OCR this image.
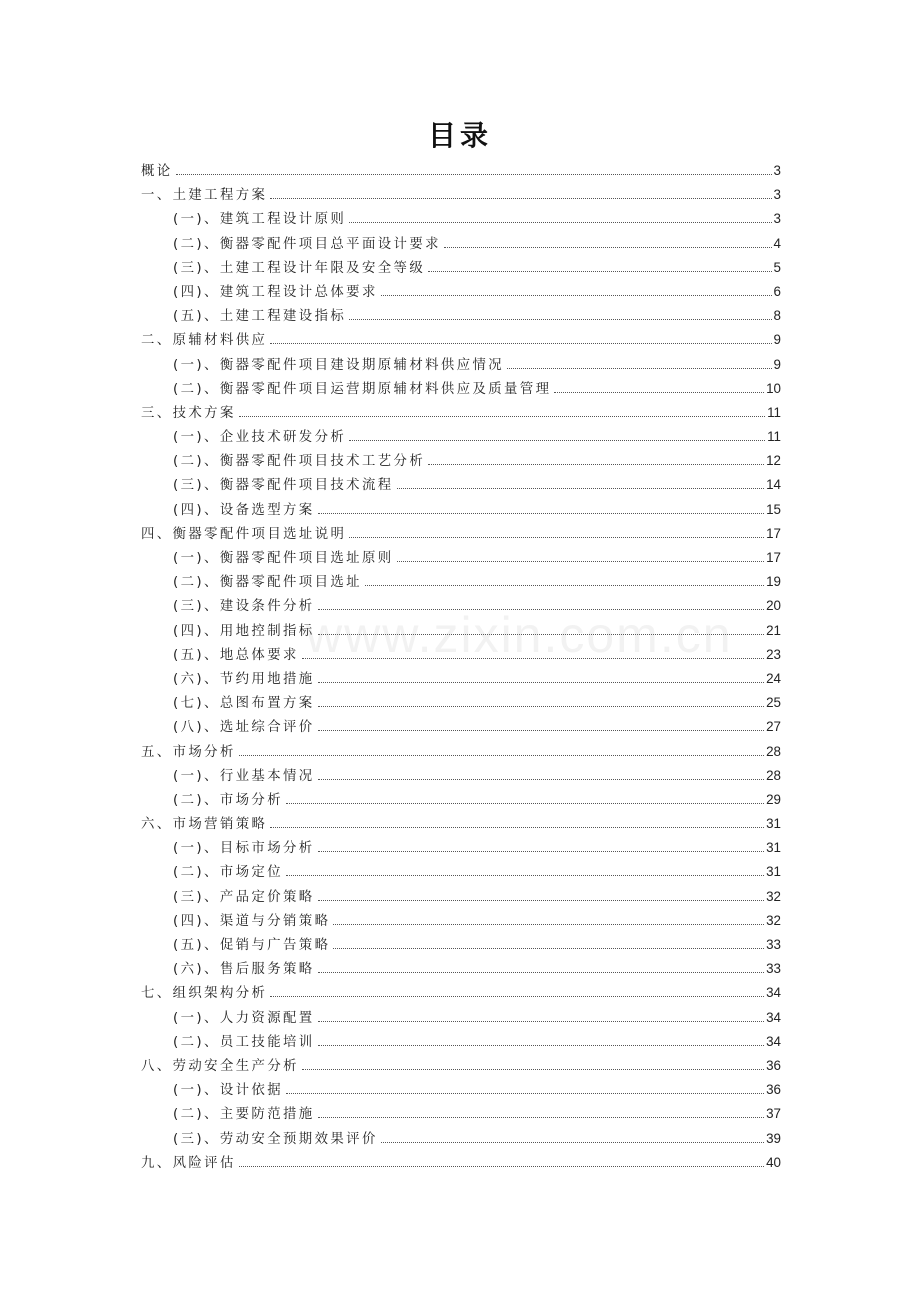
目录
概论	3
一、土建工程方案	3
(一)、建筑工程设计原则	3
(二)、衡器零配件项目总平面设计要求	4
(三)、土建工程设计年限及安全等级	5
(四)、建筑工程设计总体要求	6
(五)、土建工程建设指标	8
二、原辅材料供应	9
(一)、衡器零配件项目建设期原辅材料供应情况	9
(二)、衡器零配件项目运营期原辅材料供应及质量管理	10
三、技术方案	11
(一)、企业技术研发分析	11
(二)、衡器零配件项目技术工艺分析	12
(三)、衡器零配件项目技术流程	14
(四)、设备选型方案	15
四、衡器零配件项目选址说明	17
(一)、衡器零配件项目选址原则	17
(二)、衡器零配件项目选址	19
(三)、建设条件分析	20
(四)、用地控制指标	21
(五)、地总体要求	23
(六)、节约用地措施	24
(七)、总图布置方案	25
(八)、选址综合评价	27
五、市场分析	28
(一)、行业基本情况	28
(二)、市场分析	29
六、市场营销策略	31
(一)、目标市场分析	31
(二)、市场定位	31
(三)、产品定价策略	32
(四)、渠道与分销策略	32
(五)、促销与广告策略	33
(六)、售后服务策略	33
七、组织架构分析	34
(一)、人力资源配置	34
(二)、员工技能培训	34
八、劳动安全生产分析	36
(一)、设计依据	36
(二)、主要防范措施	37
(三)、劳动安全预期效果评价	39
九、风险评估	40
www.zixin.com.cn
